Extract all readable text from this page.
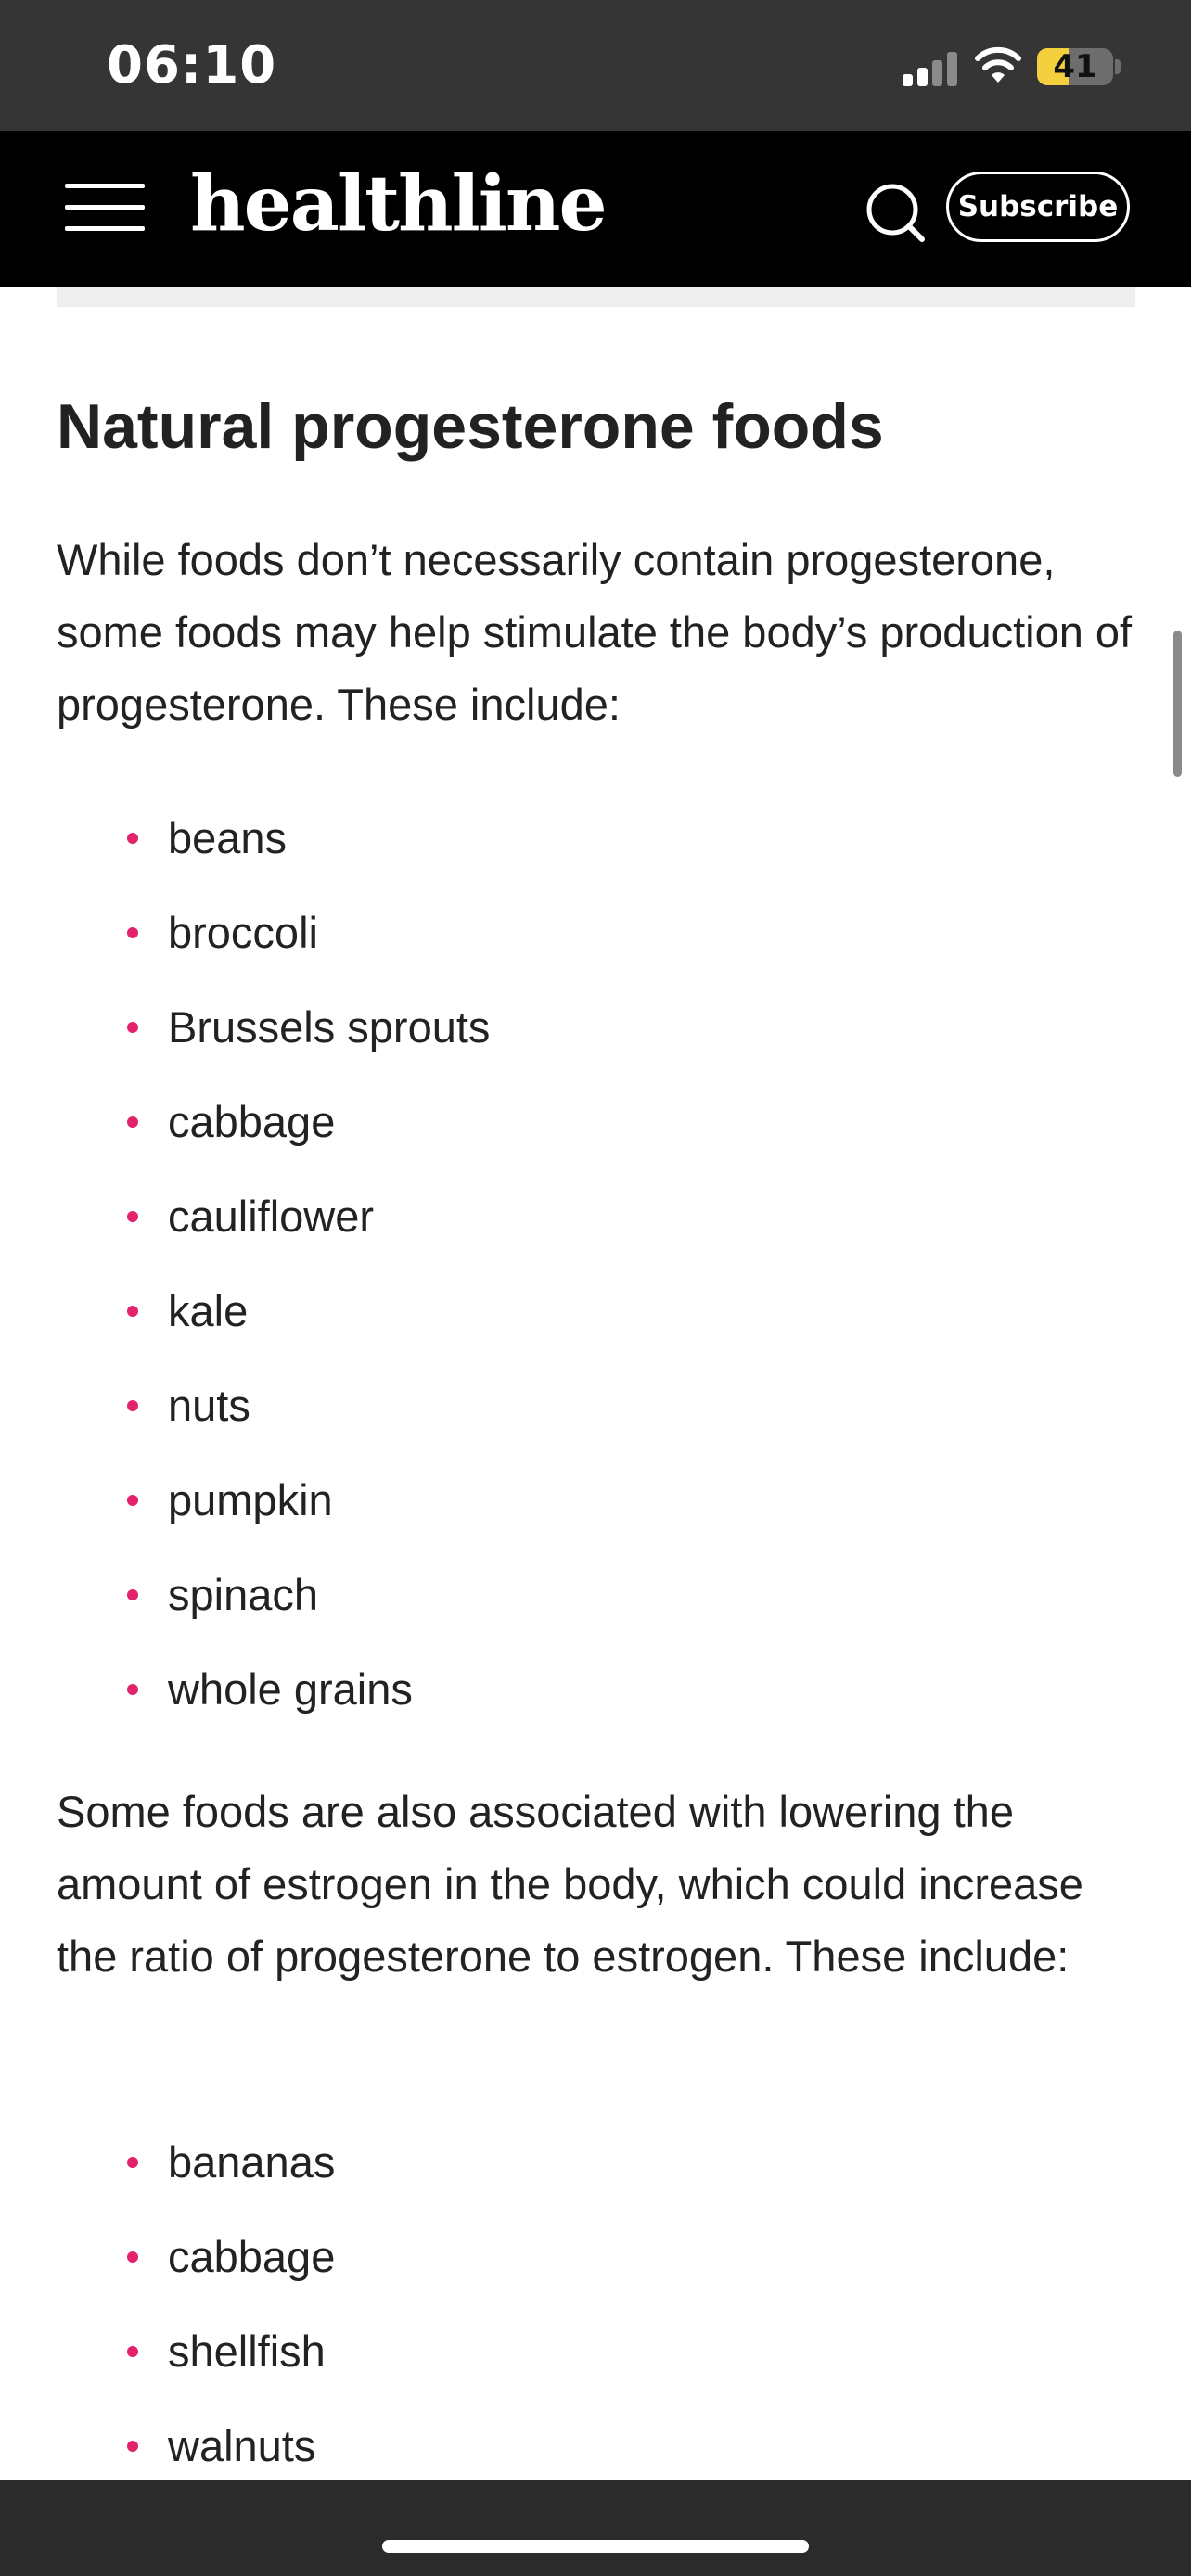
06:10	41
healthline	Subscribe
Natural progesterone foods

While foods don’t necessarily contain progesterone, some foods may help stimulate the body’s production of progesterone. These include:

beans
broccoli
Brussels sprouts
cabbage
cauliflower
kale
nuts
pumpkin
spinach
whole grains

Some foods are also associated with lowering the amount of estrogen in the body, which could increase the ratio of progesterone to estrogen. These include:

bananas
cabbage
shellfish
walnuts
